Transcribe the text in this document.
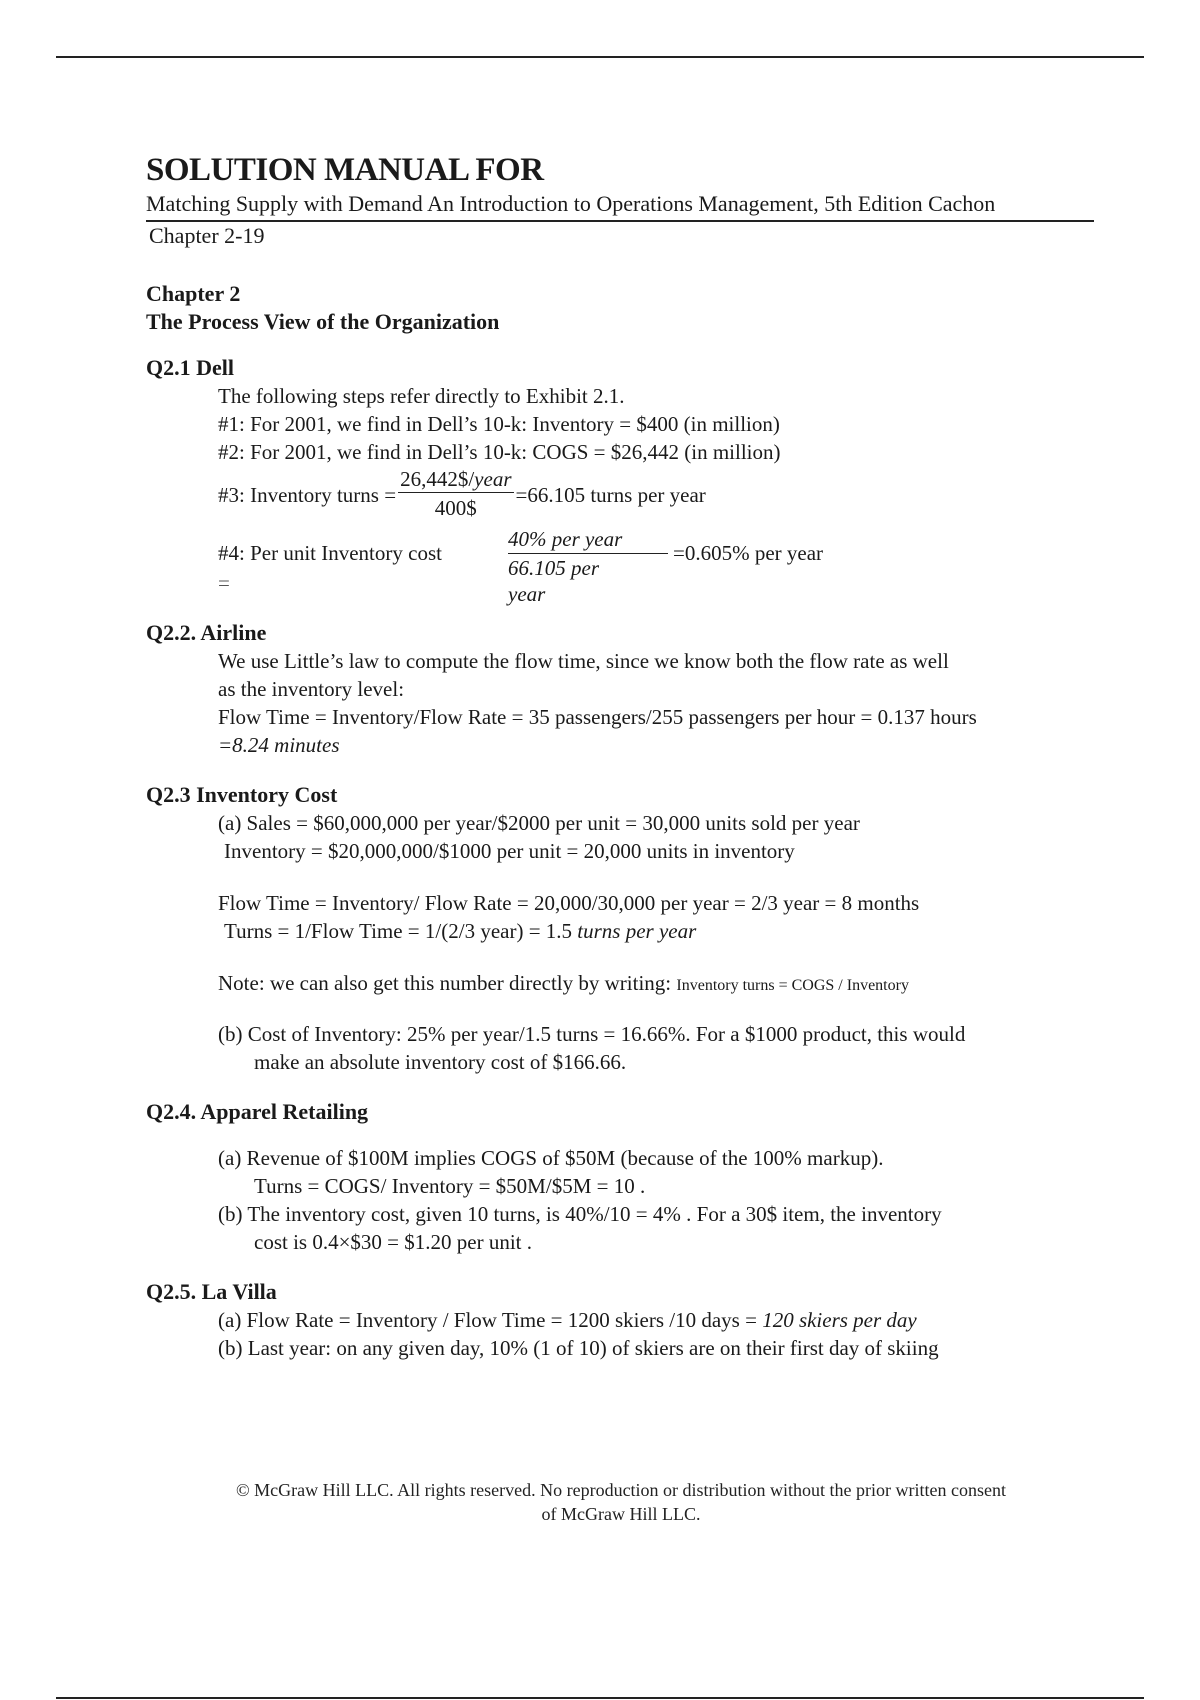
SOLUTION MANUAL FOR
Matching Supply with Demand An Introduction to Operations Management, 5th Edition Cachon
Chapter 2-19
Chapter 2
The Process View of the Organization
Q2.1 Dell
The following steps refer directly to Exhibit 2.1.
#1: For 2001, we find in Dell’s 10-k: Inventory = $400 (in million)
#2: For 2001, we find in Dell’s 10-k: COGS = $26,442 (in million)
#3: Inventory turns = $\frac{\text{26,442\$/year}}{400\$} =66.105$ turns per year
#4: Per unit Inventory cost
=
40% per year
66.105 per year
=0.605% per year
Q2.2. Airline
We use Little’s law to compute the flow time, since we know both the flow rate as well
as the inventory level:
Flow Time = Inventory/Flow Rate = 35 passengers/255 passengers per hour = 0.137 hours
=8.24 minutes
Q2.3 Inventory Cost
(a) Sales = $60,000,000 per year/$2000 per unit = 30,000 units sold per year
Inventory = $20,000,000/$1000 per unit = 20,000 units in inventory
Flow Time = Inventory/ Flow Rate = 20,000/30,000 per year = 2/3 year = 8 months
Turns = 1/Flow Time = 1/(2/3 year) = 1.5 turns per year
Note: we can also get this number directly by writing: Inventory turns = COGS / Inventory
(b) Cost of Inventory: 25% per year/1.5 turns = 16.66%. For a $1000 product, this would
make an absolute inventory cost of $166.66.
Q2.4. Apparel Retailing
(a) Revenue of $100M implies COGS of $50M (because of the 100% markup).
Turns = COGS/ Inventory = $50M/$5M = 10 .
(b) The inventory cost, given 10 turns, is 40%/10 = 4% . For a 30$ item, the inventory
cost is 0.4×$30 = $1.20 per unit .
Q2.5. La Villa
(a) Flow Rate = Inventory / Flow Time = 1200 skiers /10 days = 120 skiers per day
(b) Last year: on any given day, 10% (1 of 10) of skiers are on their first day of skiing
© McGraw Hill LLC. All rights reserved. No reproduction or distribution without the prior written consent
of McGraw Hill LLC.
